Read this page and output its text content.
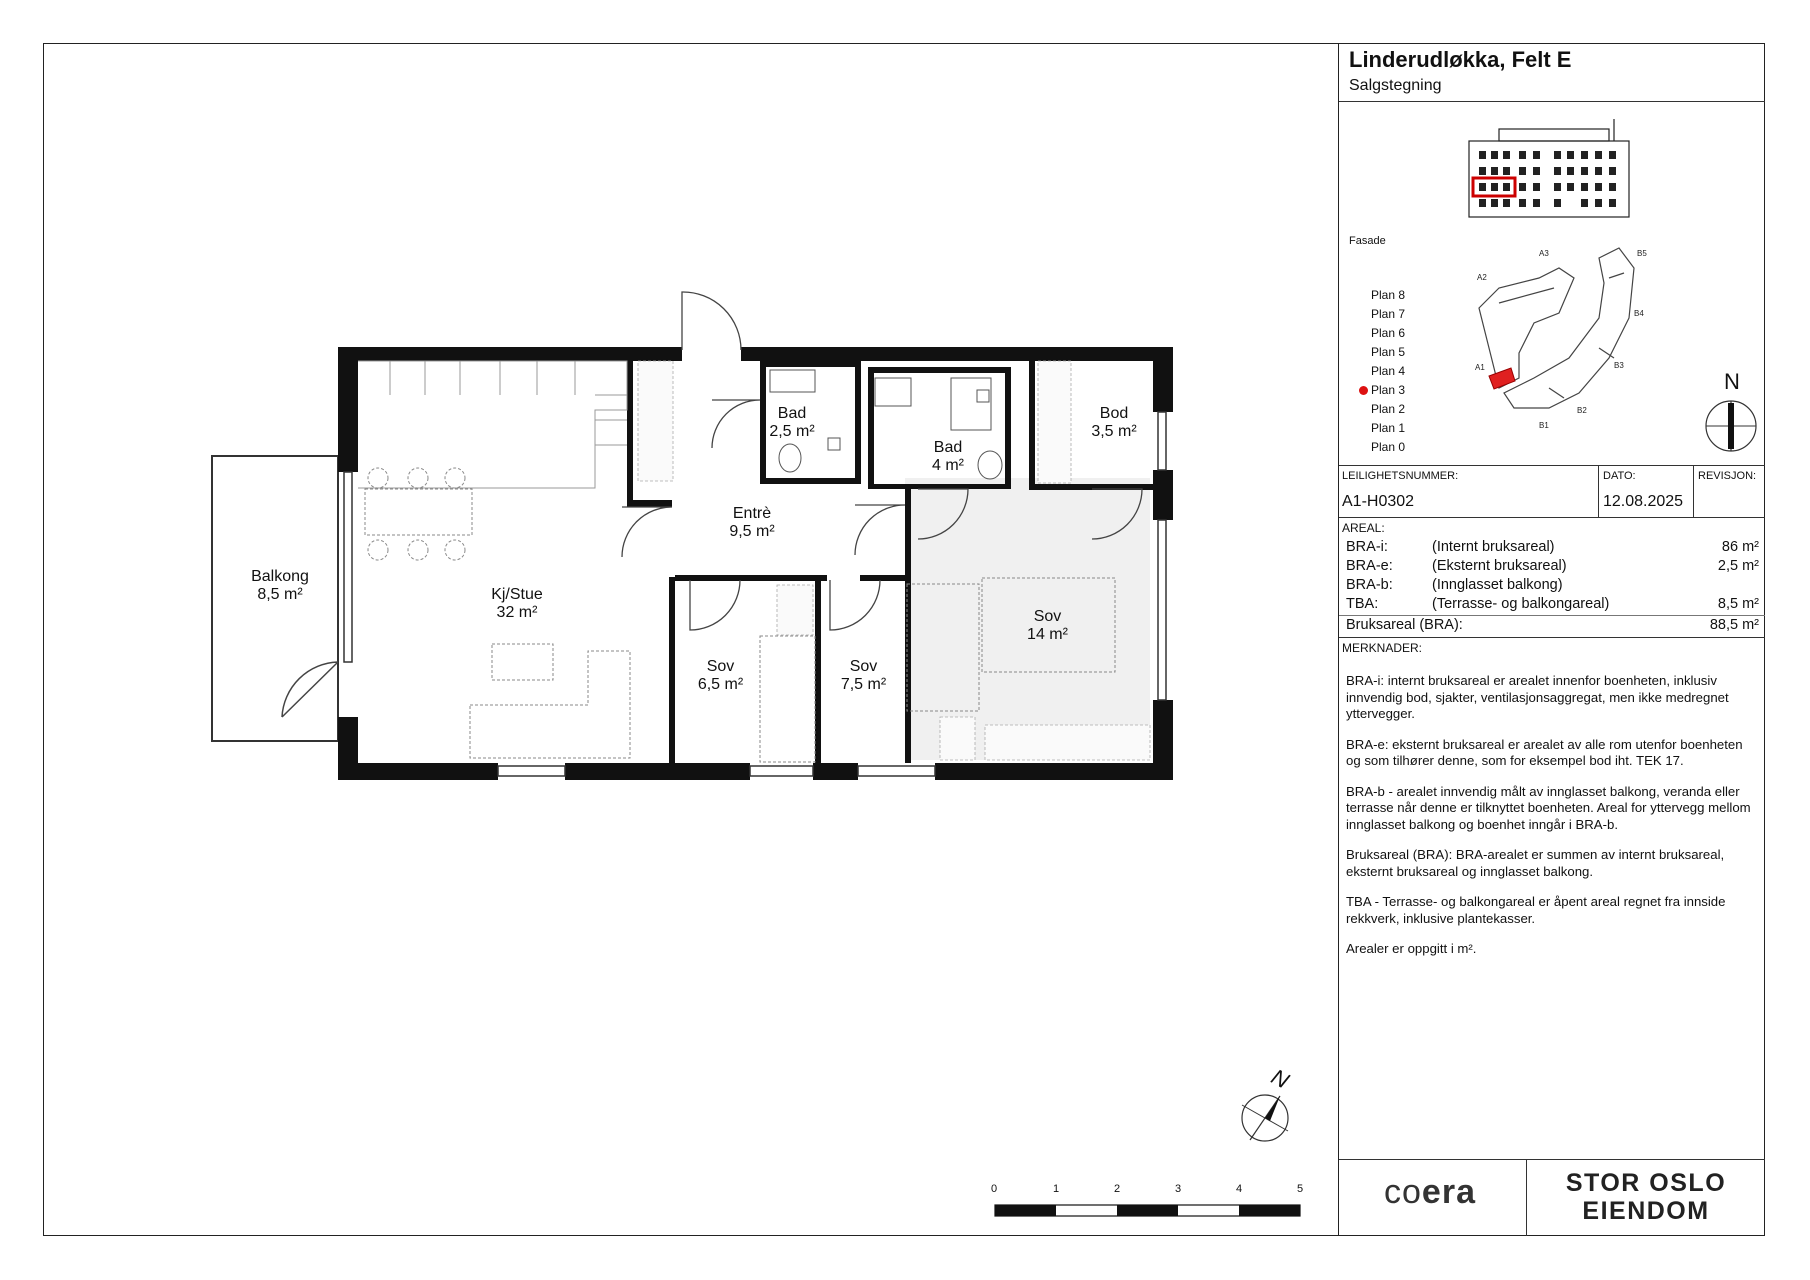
Balkong
8,5 m²	Kj/Stue
32 m²
Entrè
9,5 m²
Bad
2,5 m²
Bad
4 m²
Bod
3,5 m²
Sov
6,5 m²
Sov
7,5 m²
Sov
14 m²
N
0	1	2	3	4	5
Linderudløkka, Felt E
Salgstegning
Fasade
Plan 8
Plan 7
Plan 6
Plan 5
Plan 4
Plan 3
Plan 2
Plan 1
Plan 0
A1
A2
A3
B1
B2
B3
B4
B5
N
LEILIGHETSNUMMER:
A1-H0302
DATO:
12.08.2025
REVISJON:
AREAL:
BRA-i:	(Internt bruksareal)	86 m²
BRA-e:	(Eksternt bruksareal)	2,5 m²
BRA-b:	(Innglasset balkong)
TBA:	(Terrasse- og balkongareal)	8,5 m²
Bruksareal (BRA):	88,5 m²
MERKNADER:

BRA-i: internt bruksareal er arealet innenfor boenheten, inklusiv innvendig bod, sjakter, ventilasjonsaggregat, men ikke medregnet yttervegger.

BRA-e: eksternt bruksareal er arealet av alle rom utenfor boenheten og som tilhører denne, som for eksempel bod iht. TEK 17.

BRA-b - arealet innvendig målt av innglasset balkong, veranda eller terrasse når denne er tilknyttet boenheten. Areal for yttervegg mellom innglasset balkong og boenhet inngår i BRA-b.

Bruksareal (BRA): BRA-arealet er summen av internt bruksareal, eksternt bruksareal og innglasset balkong.

TBA - Terrasse- og balkongareal er åpent areal regnet fra innside rekkverk, inklusive plantekasser.

Arealer er oppgitt i m².

coera	STOR OSLO
EIENDOM
